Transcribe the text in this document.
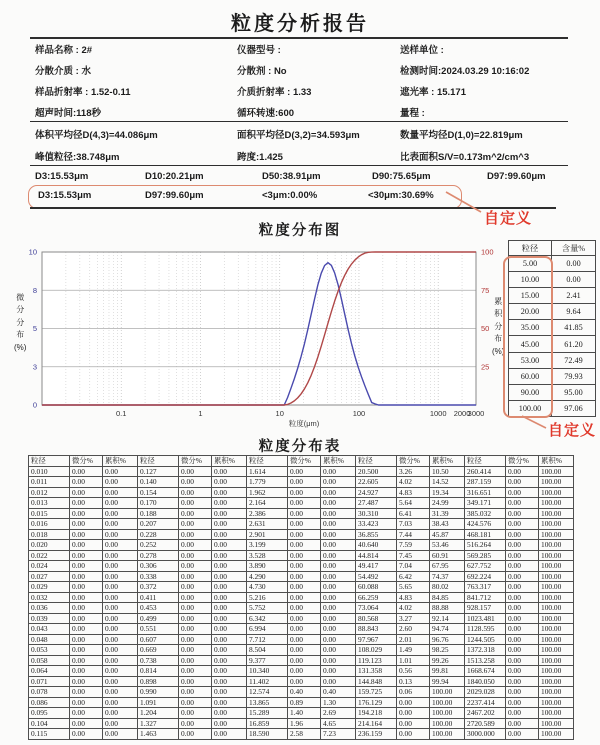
粒度分析报告
样品名称 : 2#	仪器型号 :	送样单位 :
分散介质 : 水	分散剂 : No	检测时间:2024.03.29 10:16:02
样品折射率 : 1.52-0.11	介质折射率 : 1.33	遮光率 : 15.171
超声时间:118秒	循环转速:600	量程 :
体积平均径D(4,3)=44.086μm	面积平均径D(3,2)=34.593μm	数量平均径D(1,0)=22.819μm
峰值粒径:38.748μm	跨度:1.425	比表面积S/V=0.173m^2/cm^3
D3:15.53μm	D10:20.21μm	D50:38.91μm	D90:75.65μm	D97:99.60μm
D3:15.53μm	D97:99.60μm	<3μm:0.00%	<30μm:30.69%
自定义
粒度分布图
10
8
5
3
0
100
75
50
25
0.1	1	10	100	1000 2000
3000
粒度(μm)
微
分
分
布
(%)
累
积
分
布
(%)
粒径	含量%
5.00	0.00
10.00	0.00
15.00	2.41
20.00	9.64
35.00	41.85
45.00	61.20
53.00	72.49
60.00	79.93
90.00	95.00
100.00	97.06
自定义
粒度分布表
粒径	微分%	累积%	粒径	微分%	累积%	粒径	微分%	累积%	粒径	微分%	累积%	粒径	微分%	累积%
0.010	0.00	0.00	0.127	0.00	0.00	1.614	0.00	0.00	20.500	3.26	10.50	260.414	0.00	100.00
0.011	0.00	0.00	0.140	0.00	0.00	1.779	0.00	0.00	22.605	4.02	14.52	287.159	0.00	100.00
0.012	0.00	0.00	0.154	0.00	0.00	1.962	0.00	0.00	24.927	4.83	19.34	316.651	0.00	100.00
0.013	0.00	0.00	0.170	0.00	0.00	2.164	0.00	0.00	27.487	5.64	24.99	349.171	0.00	100.00
0.015	0.00	0.00	0.188	0.00	0.00	2.386	0.00	0.00	30.310	6.41	31.39	385.032	0.00	100.00
0.016	0.00	0.00	0.207	0.00	0.00	2.631	0.00	0.00	33.423	7.03	38.43	424.576	0.00	100.00
0.018	0.00	0.00	0.228	0.00	0.00	2.901	0.00	0.00	36.855	7.44	45.87	468.181	0.00	100.00
0.020	0.00	0.00	0.252	0.00	0.00	3.199	0.00	0.00	40.640	7.59	53.46	516.264	0.00	100.00
0.022	0.00	0.00	0.278	0.00	0.00	3.528	0.00	0.00	44.814	7.45	60.91	569.285	0.00	100.00
0.024	0.00	0.00	0.306	0.00	0.00	3.890	0.00	0.00	49.417	7.04	67.95	627.752	0.00	100.00
0.027	0.00	0.00	0.338	0.00	0.00	4.290	0.00	0.00	54.492	6.42	74.37	692.224	0.00	100.00
0.029	0.00	0.00	0.372	0.00	0.00	4.730	0.00	0.00	60.088	5.65	80.02	763.317	0.00	100.00
0.032	0.00	0.00	0.411	0.00	0.00	5.216	0.00	0.00	66.259	4.83	84.85	841.712	0.00	100.00
0.036	0.00	0.00	0.453	0.00	0.00	5.752	0.00	0.00	73.064	4.02	88.88	928.157	0.00	100.00
0.039	0.00	0.00	0.499	0.00	0.00	6.342	0.00	0.00	80.568	3.27	92.14	1023.481	0.00	100.00
0.043	0.00	0.00	0.551	0.00	0.00	6.994	0.00	0.00	88.843	2.60	94.74	1128.595	0.00	100.00
0.048	0.00	0.00	0.607	0.00	0.00	7.712	0.00	0.00	97.967	2.01	96.76	1244.505	0.00	100.00
0.053	0.00	0.00	0.669	0.00	0.00	8.504	0.00	0.00	108.029	1.49	98.25	1372.318	0.00	100.00
0.058	0.00	0.00	0.738	0.00	0.00	9.377	0.00	0.00	119.123	1.01	99.26	1513.258	0.00	100.00
0.064	0.00	0.00	0.814	0.00	0.00	10.340	0.00	0.00	131.358	0.56	99.81	1668.674	0.00	100.00
0.071	0.00	0.00	0.898	0.00	0.00	11.402	0.00	0.00	144.848	0.13	99.94	1840.050	0.00	100.00
0.078	0.00	0.00	0.990	0.00	0.00	12.574	0.40	0.40	159.725	0.06	100.00	2029.028	0.00	100.00
0.086	0.00	0.00	1.091	0.00	0.00	13.865	0.89	1.30	176.129	0.00	100.00	2237.414	0.00	100.00
0.095	0.00	0.00	1.204	0.00	0.00	15.289	1.40	2.69	194.218	0.00	100.00	2467.202	0.00	100.00
0.104	0.00	0.00	1.327	0.00	0.00	16.859	1.96	4.65	214.164	0.00	100.00	2720.589	0.00	100.00
0.115	0.00	0.00	1.463	0.00	0.00	18.590	2.58	7.23	236.159	0.00	100.00	3000.000	0.00	100.00
